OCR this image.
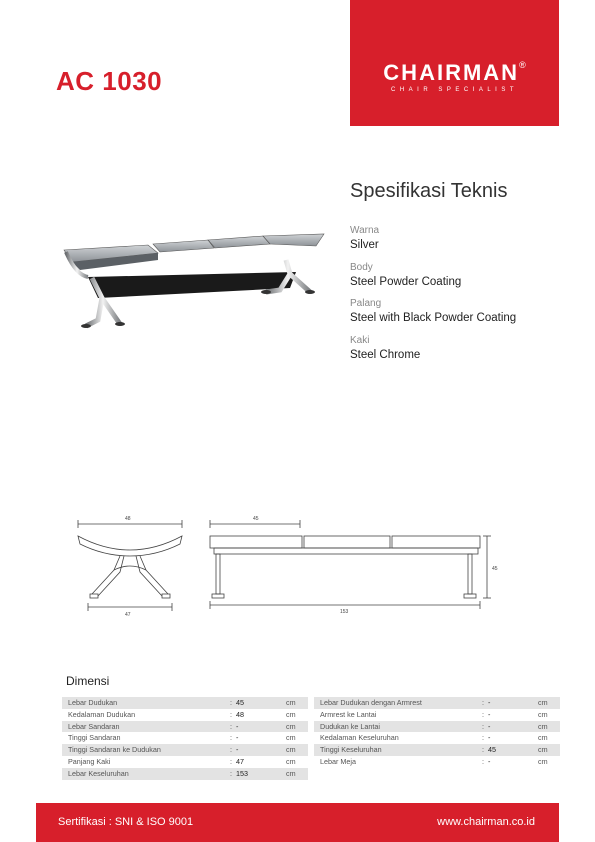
AC 1030	CHAIRMAN®
CHAIR SPECIALIST
Spesifikasi Teknis
Warna
Silver
Body
Steel Powder Coating
Palang
Steel with Black Powder Coating
Kaki
Steel Chrome
48
47
45
45
153
Dimensi
Lebar Dudukan	: 45	cm
Kedalaman Dudukan	: 48	cm
Lebar Sandaran	: -	cm
Tinggi Sandaran	: -	cm
Tinggi Sandaran ke Dudukan	: -	cm
Panjang Kaki	: 47	cm
Lebar Keseluruhan	: 153	cm
Lebar Dudukan dengan Armrest	: -	cm
Armrest ke Lantai	: -	cm
Dudukan ke Lantai	: -	cm
Kedalaman Keseluruhan	: -	cm
Tinggi Keseluruhan	: 45	cm
Lebar Meja	: -	cm
Sertifikasi : SNI & ISO 9001	www.chairman.co.id
